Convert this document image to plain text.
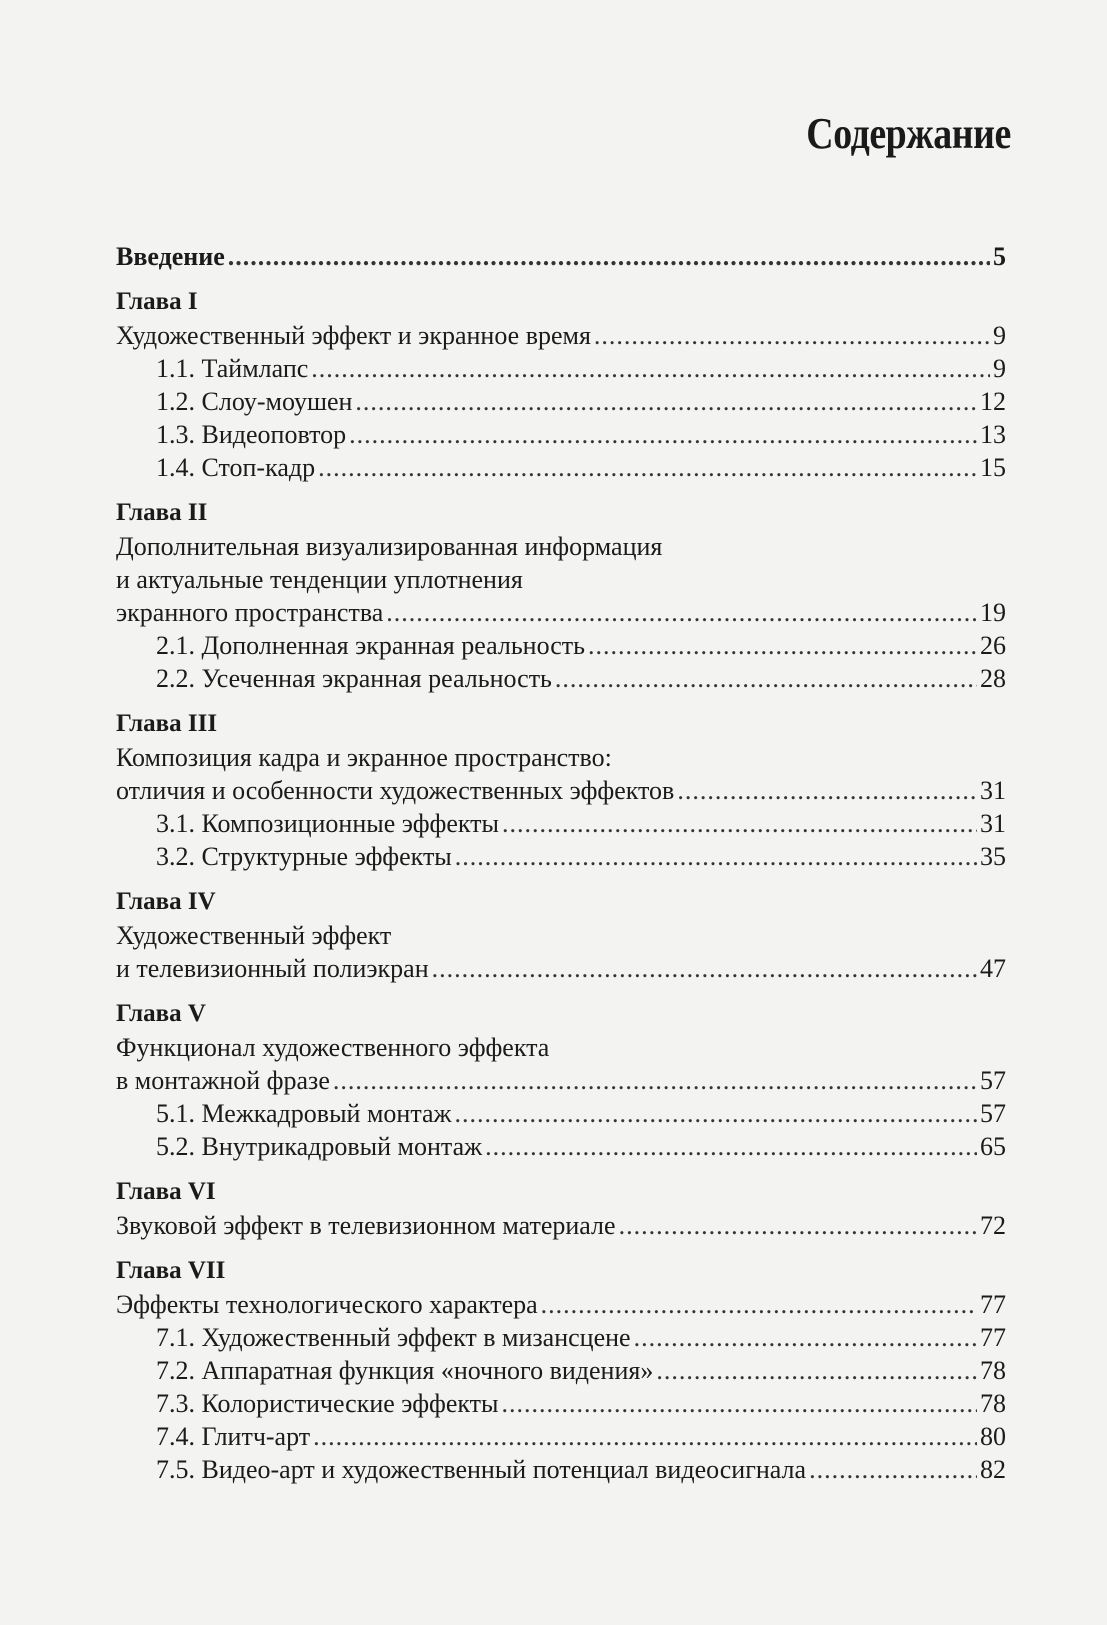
Содержание
Введение .....	5
Глава I
Художественный эффект и экранное время .....	9
1.1. Таймлапс .....	9
1.2. Слоу-моушен .....	12
1.3. Видеоповтор .....	13
1.4. Стоп-кадр .....	15
Глава II
Дополнительная визуализированная информация
и актуальные тенденции уплотнения
экранного пространства .....	19
2.1. Дополненная экранная реальность .....	26
2.2. Усеченная экранная реальность .....	28
Глава III
Композиция кадра и экранное пространство:
отличия и особенности художественных эффектов .....	31
3.1. Композиционные эффекты .....	31
3.2. Структурные эффекты .....	35
Глава IV
Художественный эффект
и телевизионный полиэкран .....	47
Глава V
Функционал художественного эффекта
в монтажной фразе .....	57
5.1. Межкадровый монтаж .....	57
5.2. Внутрикадровый монтаж .....	65
Глава VI
Звуковой эффект в телевизионном материале .....	72
Глава VII
Эффекты технологического характера .....	77
7.1. Художественный эффект в мизансцене .....	77
7.2. Аппаратная функция «ночного видения» .....	78
7.3. Колористические эффекты .....	78
7.4. Глитч-арт .....	80
7.5. Видео-арт и художественный потенциал видеосигнала .....	82
